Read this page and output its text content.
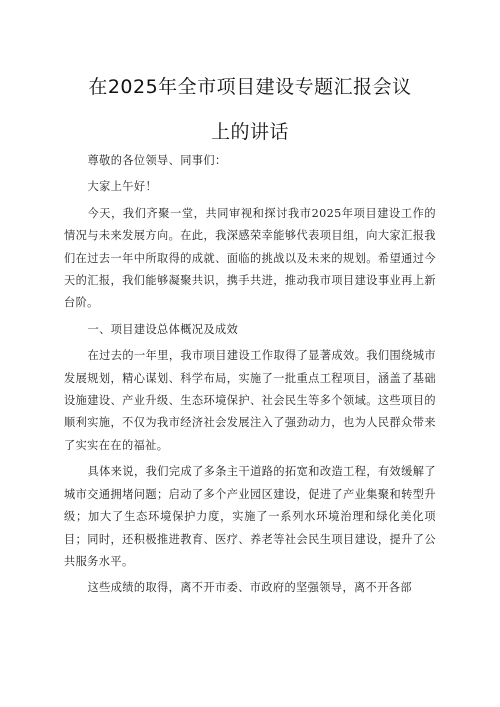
在2025年全市项目建设专题汇报会议
上的讲话

尊敬的各位领导、同事们：

大家上午好！

今天，我们齐聚一堂，共同审视和探讨我市2025年项目建设工作的情况与未来发展方向。在此，我深感荣幸能够代表项目组，向大家汇报我们在过去一年中所取得的成就、面临的挑战以及未来的规划。希望通过今天的汇报，我们能够凝聚共识，携手共进，推动我市项目建设事业再上新台阶。

一、项目建设总体概况及成效

在过去的一年里，我市项目建设工作取得了显著成效。我们围绕城市发展规划，精心谋划、科学布局，实施了一批重点工程项目，涵盖了基础设施建设、产业升级、生态环境保护、社会民生等多个领域。这些项目的顺利实施，不仅为我市经济社会发展注入了强劲动力，也为人民群众带来了实实在在的福祉。

具体来说，我们完成了多条主干道路的拓宽和改造工程，有效缓解了城市交通拥堵问题；启动了多个产业园区建设，促进了产业集聚和转型升级；加大了生态环境保护力度，实施了一系列水环境治理和绿化美化项目；同时，还积极推进教育、医疗、养老等社会民生项目建设，提升了公共服务水平。

这些成绩的取得，离不开市委、市政府的坚强领导，离不开各部
